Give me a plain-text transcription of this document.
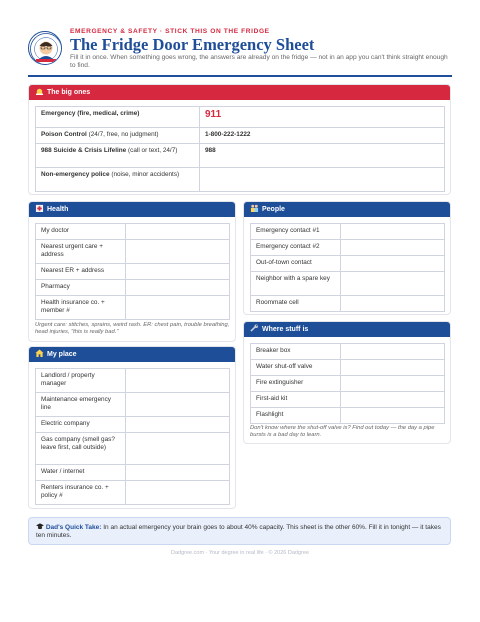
EMERGENCY & SAFETY · STICK THIS ON THE FRIDGE
The Fridge Door Emergency Sheet
Fill it in once. When something goes wrong, the answers are already on the fridge — not in an app you can't think straight enough to find.
The big ones
Emergency (fire, medical, crime)	911
Poison Control (24/7, free, no judgment)	1-800-222-1222
988 Suicide & Crisis Lifeline (call or text, 24/7)	988
Non-emergency police (noise, minor accidents)	
Health
My doctor	
Nearest urgent care + address	
Nearest ER + address	
Pharmacy	
Health insurance co. + member #	
Urgent care: stitches, sprains, weird rash. ER: chest pain, trouble breathing, head injuries, "this is really bad."
People
Emergency contact #1	
Emergency contact #2	
Out-of-town contact	
Neighbor with a spare key	
Roommate cell	
My place
Landlord / property manager	
Maintenance emergency line	
Electric company	
Gas company (smell gas? leave first, call outside)	
Water / internet	
Renters insurance co. + policy #	
Where stuff is
Breaker box	
Water shut-off valve	
Fire extinguisher	
First-aid kit	
Flashlight	
Don't know where the shut-off valve is? Find out today — the day a pipe bursts is a bad day to learn.
Dad's Quick Take: In an actual emergency your brain goes to about 40% capacity. This sheet is the other 60%. Fill it in tonight — it takes ten minutes.
Dadgree.com · Your degree in real life · © 2026 Dadgree
